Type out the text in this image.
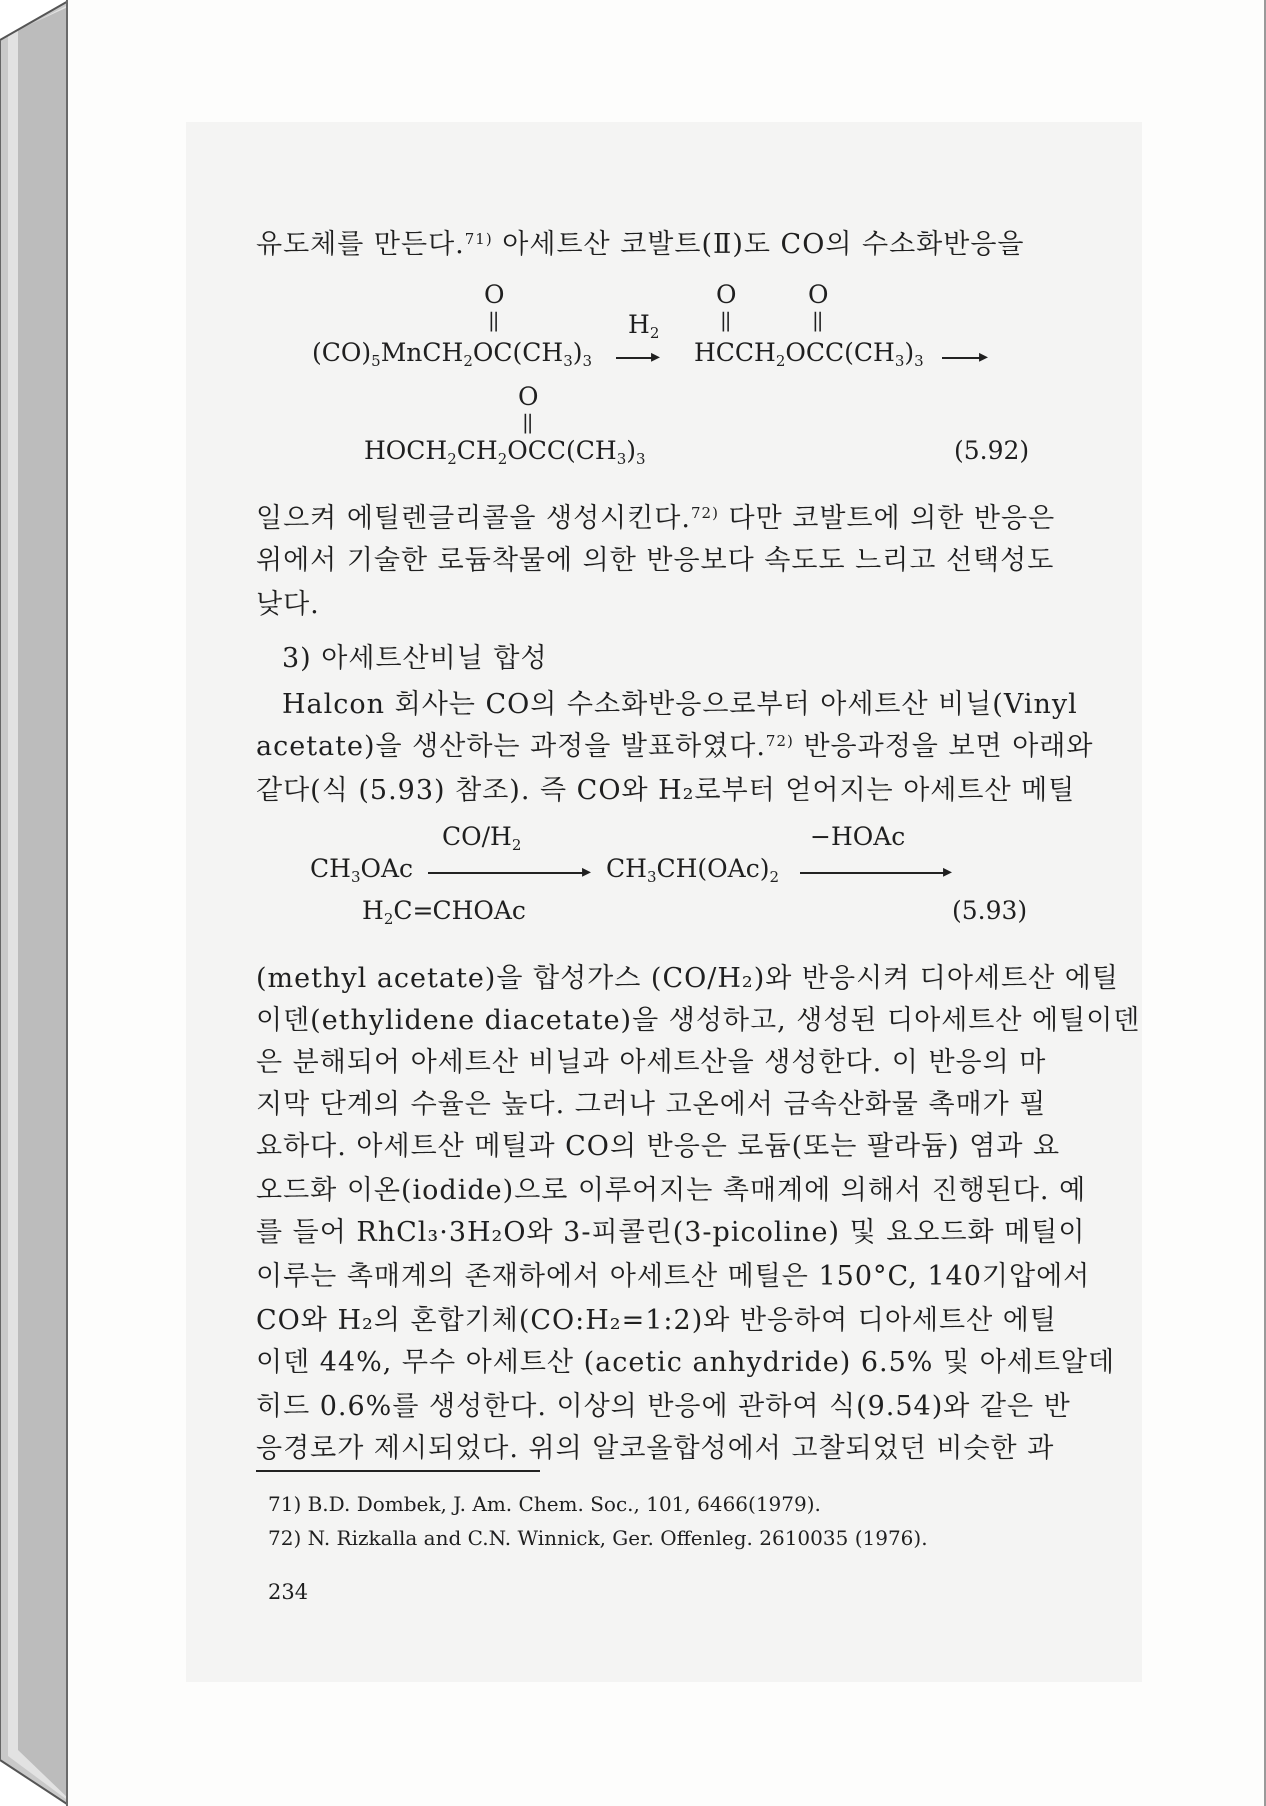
유도체를 만든다.$^{71)}$ 아세트산 코발트(Ⅱ)도 CO의 수소화반응을
O
||
O
||
O
||
$(CO)_5MnCH_2OC(CH_3)_3$
$H_2$
▸ $HCCH_2OCC(CH_3)_3$	▸
O
||
$HOCH_2CH_2OCC(CH_3)_3$	(5.92)
일으켜 에틸렌글리콜을 생성시킨다.$^{72)}$ 다만 코발트에 의한 반응은
위에서 기술한 로듐착물에 의한 반응보다 속도도 느리고 선택성도
낮다.
3) 아세트산비닐 합성
Halcon 회사는 CO의 수소화반응으로부터 아세트산 비닐(Vinyl
acetate)을 생산하는 과정을 발표하였다.$^{72)}$ 반응과정을 보면 아래와
같다(식 (5.93) 참조). 즉 CO와 H₂로부터 얻어지는 아세트산 메틸
$CO/H_2$	−HOAc
$CH_3OAc$	▸ $CH_3CH(OAc)_2$	▸
$H_2C=CHOAc$	(5.93)
(methyl acetate)을 합성가스 (CO/H₂)와 반응시켜 디아세트산 에틸
이덴(ethylidene diacetate)을 생성하고, 생성된 디아세트산 에틸이덴
은 분해되어 아세트산 비닐과 아세트산을 생성한다. 이 반응의 마
지막 단계의 수율은 높다. 그러나 고온에서 금속산화물 촉매가 필
요하다. 아세트산 메틸과 CO의 반응은 로듐(또는 팔라듐) 염과 요
오드화 이온(iodide)으로 이루어지는 촉매계에 의해서 진행된다. 예
를 들어 RhCl₃·3H₂O와 3-피콜린(3-picoline) 및 요오드화 메틸이
이루는 촉매계의 존재하에서 아세트산 메틸은 150°C, 140기압에서
CO와 H₂의 혼합기체(CO:H₂=1:2)와 반응하여 디아세트산 에틸
이덴 44%, 무수 아세트산 (acetic anhydride) 6.5% 및 아세트알데
히드 0.6%를 생성한다. 이상의 반응에 관하여 식(9.54)와 같은 반
응경로가 제시되었다. 위의 알코올합성에서 고찰되었던 비슷한 과
71) B.D. Dombek, J. Am. Chem. Soc., 101, 6466(1979).
72) N. Rizkalla and C.N. Winnick, Ger. Offenleg. 2610035 (1976).
234
